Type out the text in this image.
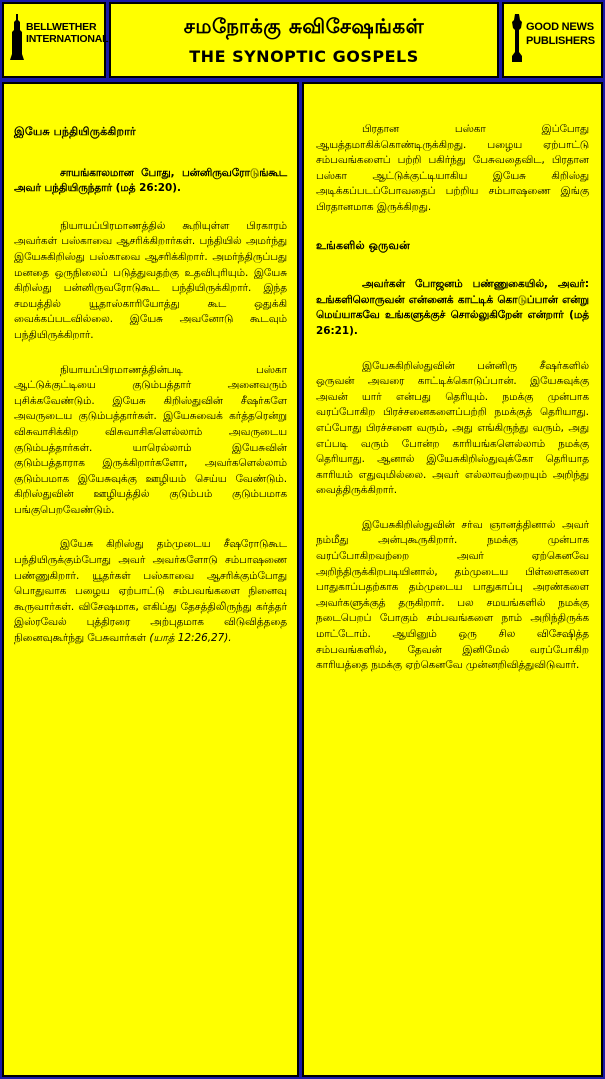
BELLWETHER
INTERNATIONAL
சமநோக்கு சுவிசேஷங்கள்
THE SYNOPTIC GOSPELS
GOOD NEWS
PUBLISHERS

இயேசு பந்தியிருக்கிறார்

சாயங்காலமான போது, பன்னிருவரோடுங்கூட அவர் பந்தியிருந்தார் (மத் 26:20).

நியாயப்பிரமாணத்தில் கூறியுள்ள பிரகாரம் அவர்கள் பஸ்காவை ஆசரிக்கிறார்கள். பந்தியில் அமர்ந்து இயேசுகிறிஸ்து பஸ்காவை ஆசரிக்கிறார். அமர்ந்திருப்பது மனதை ஒருநிலைப் படுத்துவதற்கு உதவிபுரியும். இயேசு கிறிஸ்து பன்னிருவரோடுகூட பந்தியிருக்கிறார். இந்த சமயத்தில் யூதாஸ்காரியோத்து கூட ஒதுக்கி வைக்கப்படவில்லை. இயேசு அவனோடு கூடவும் பந்தியிருக்கிறார்.

நியாயப்பிரமாணத்தின்படி பஸ்கா ஆட்டுக்குட்டியை குடும்பத்தார் அனைவரும் புசிக்கவேண்டும். இயேசு கிறிஸ்துவின் சீஷர்களே அவருடைய குடும்பத்தார்கள். இயேசுவைக் கர்த்தரென்று விசுவாசிக்கிற விசுவாசிகளெல்லாம் அவருடைய குடும்பத்தார்கள். யாரெல்லாம் இயேசுவின் குடும்பத்தாராக இருக்கிறார்களோ, அவர்களெல்லாம் குடும்பமாக இயேசுவுக்கு ஊழியம் செய்ய வேண்டும். கிறிஸ்துவின் ஊழியத்தில் குடும்பம் குடும்பமாக பங்குபெறவேண்டும்.

இயேசு கிறிஸ்து தம்முடைய சீஷரோடுகூட பந்தியிருக்கும்போது அவர் அவர்களோடு சம்பாஷணை பண்ணுகிறார். யூதர்கள் பஸ்காவை ஆசரிக்கும்போது பொதுவாக பழைய ஏற்பாட்டு சம்பவங்களை நினைவு கூருவார்கள். விசேஷமாக, எகிப்து தேசத்திலிருந்து கர்த்தர் இஸ்ரவேல் புத்திரரை அற்புதமாக விடுவித்ததை நினைவுகூர்ந்து பேசுவார்கள் (யாத் 12:26,27).

பிரதான பஸ்கா இப்போது ஆயத்தமாகிக்கொண்டிருக்கிறது. பழைய ஏற்பாட்டு சம்பவங்களைப் பற்றி பகிர்ந்து பேசுவதைவிட, பிரதான பஸ்கா ஆட்டுக்குட்டியாகிய இயேசு கிறிஸ்து அடிக்கப்படப்போவதைப் பற்றிய சம்பாஷணை இங்கு பிரதானமாக இருக்கிறது.

உங்களில் ஒருவன்

அவர்கள் போஜனம் பண்ணுகையில், அவர்: உங்களிலொருவன் என்னைக் காட்டிக் கொடுப்பான் என்று மெய்யாகவே உங்களுக்குச் சொல்லுகிறேன் என்றார் (மத் 26:21).

இயேசுகிறிஸ்துவின் பன்னிரு சீஷர்களில் ஒருவன் அவரை காட்டிக்கொடுப்பான். இயேசுவுக்கு அவன் யார் என்பது தெரியும். நமக்கு முன்பாக வரப்போகிற பிரச்சனைகளைப்பற்றி நமக்குத் தெரியாது. எப்போது பிரச்சனை வரும், அது எங்கிருந்து வரும், அது எப்படி வரும் போன்ற காரியங்களெல்லாம் நமக்கு தெரியாது. ஆனால் இயேசுகிறிஸ்துவுக்கோ தெரியாத காரியம் எதுவுமில்லை. அவர் எல்லாவற்றையும் அறிந்து வைத்திருக்கிறார்.

இயேசுகிறிஸ்துவின் சர்வ ஞானத்தினால் அவர் நம்மீது அன்புகூருகிறார். நமக்கு முன்பாக வரப்போகிறவற்றை அவர் ஏற்கெனவே அறிந்திருக்கிறபடியினால், தம்முடைய பிள்ளைகளை பாதுகாப்பதற்காக தம்முடைய பாதுகாப்பு அரண்களை அவர்களுக்குத் தருகிறார். பல சமயங்களில் நமக்கு நடைபெறப் போகும் சம்பவங்களை நாம் அறிந்திருக்க மாட்டோம். ஆயினும் ஒரு சில விசேஷித்த சம்பவங்களில், தேவன் இனிமேல் வரப்போகிற காரியத்தை நமக்கு ஏற்கெனவே முன்னறிவித்துவிடுவார்.
